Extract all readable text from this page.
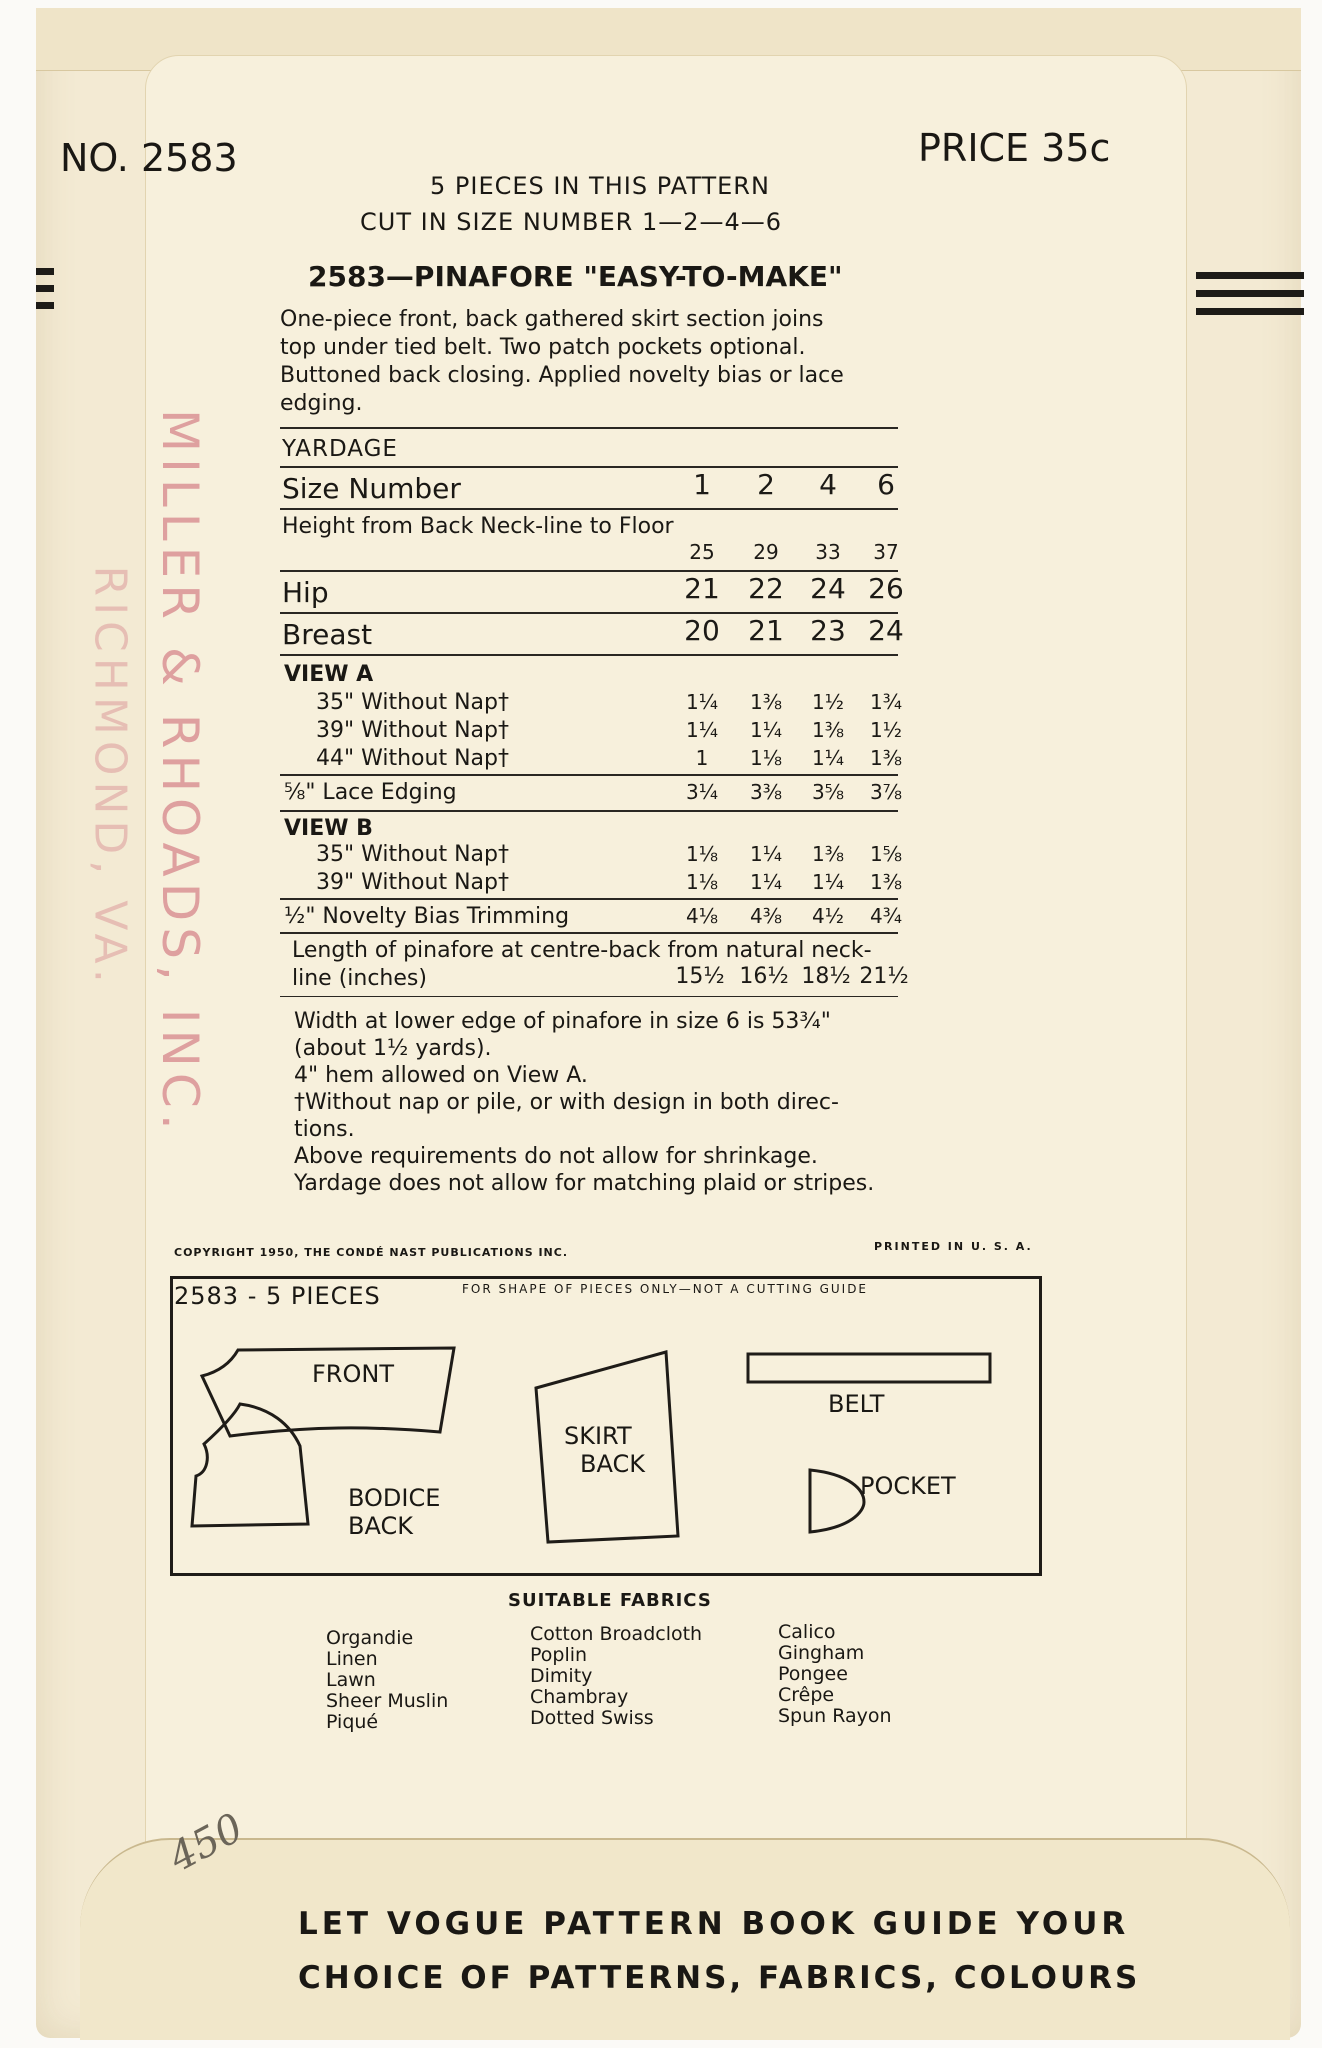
NO. 2583	PRICE 35c
5 PIECES IN THIS PATTERN
CUT IN SIZE NUMBER 1—2—4—6
2583—PINAFORE "EASY-TO-MAKE"
One-piece front, back gathered skirt section joins
top under tied belt. Two patch pockets optional.
Buttoned back closing. Applied novelty bias or lace
edging.
YARDAGE
Size Number	1	2	4	6
Height from Back Neck-line to Floor
25	29	33	37
Hip	21 22 24 26
Breast	20 21 23 24
VIEW A
35" Without Nap†	1¼ 1⅜ 1½ 1¾
39" Without Nap†	1¼ 1¼ 1⅜ 1½
44" Without Nap†	1	1⅛ 1¼ 1⅜
⅝" Lace Edging	3¼ 3⅜ 3⅝ 3⅞
VIEW B
35" Without Nap†	1⅛ 1¼ 1⅜ 1⅝
39" Without Nap†	1⅛ 1¼ 1¼ 1⅜
½" Novelty Bias Trimming	4⅛ 4⅜ 4½ 4¾
Length of pinafore at centre-back from natural neck-
line (inches)	15½ 16½ 18½ 21½
Width at lower edge of pinafore in size 6 is 53¾"
(about 1½ yards).
4" hem allowed on View A.
†Without nap or pile, or with design in both direc-
tions.
Above requirements do not allow for shrinkage.
Yardage does not allow for matching plaid or stripes.
COPYRIGHT 1950, THE CONDÉ NAST PUBLICATIONS INC.	PRINTED IN U. S. A.
2583 - 5 PIECES	FOR SHAPE OF PIECES ONLY—NOT A CUTTING GUIDE
FRONT
BODICE
BACK
SKIRT
BACK
BELT
POCKET
SUITABLE FABRICS
Organdie
Linen
Lawn
Sheer Muslin
Piqué
Cotton Broadcloth
Poplin
Dimity
Chambray
Dotted Swiss
Calico
Gingham
Pongee
Crêpe
Spun Rayon
MILLER & RHOADS, INC.
RICHMOND, VA.
450
LET VOGUE PATTERN BOOK GUIDE YOUR
CHOICE OF PATTERNS, FABRICS, COLOURS
